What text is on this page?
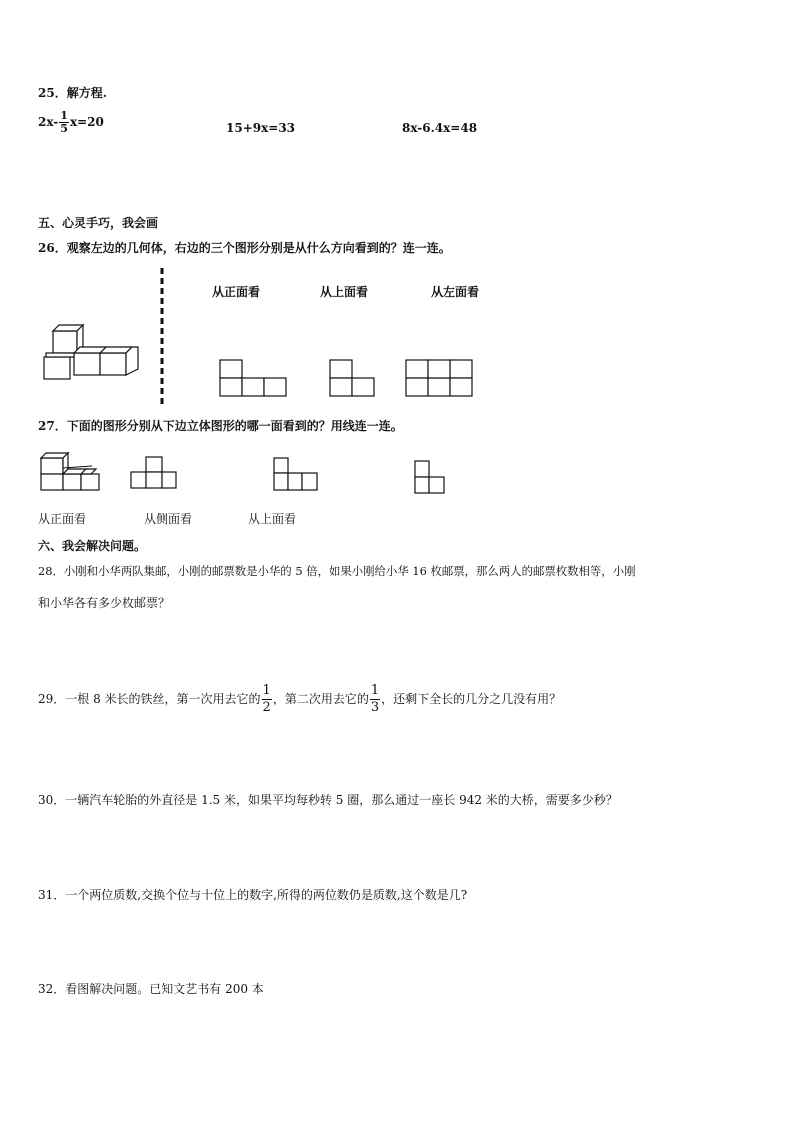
25．解方程.
$2x- \frac{1}{5} x=20$	15+9x=33	8x-6.4x=48
五、心灵手巧，我会画
26．观察左边的几何体，右边的三个图形分别是从什么方向看到的？连一连。
从正面看	从上面看	从左面看
27．下面的图形分别从下边立体图形的哪一面看到的？用线连一连。
从正面看	从侧面看	从上面看
六、我会解决问题。
28．小刚和小华两队集邮，小刚的邮票数是小华的 5 倍，如果小刚给小华 16 枚邮票，那么两人的邮票枚数相等，小刚
和小华各有多少枚邮票？
29．一根 8 米长的铁丝，第一次用去它的 $\frac{1}{2}$ ，第二次用去它的 $\frac{1}{3}$ ，还剩下全长的几分之几没有用？
30．一辆汽车轮胎的外直径是 1.5 米，如果平均每秒转 5 圈，那么通过一座长 942 米的大桥，需要多少秒？
31．一个两位质数,交换个位与十位上的数字,所得的两位数仍是质数,这个数是几?
32．看图解决问题。已知文艺书有 200 本
